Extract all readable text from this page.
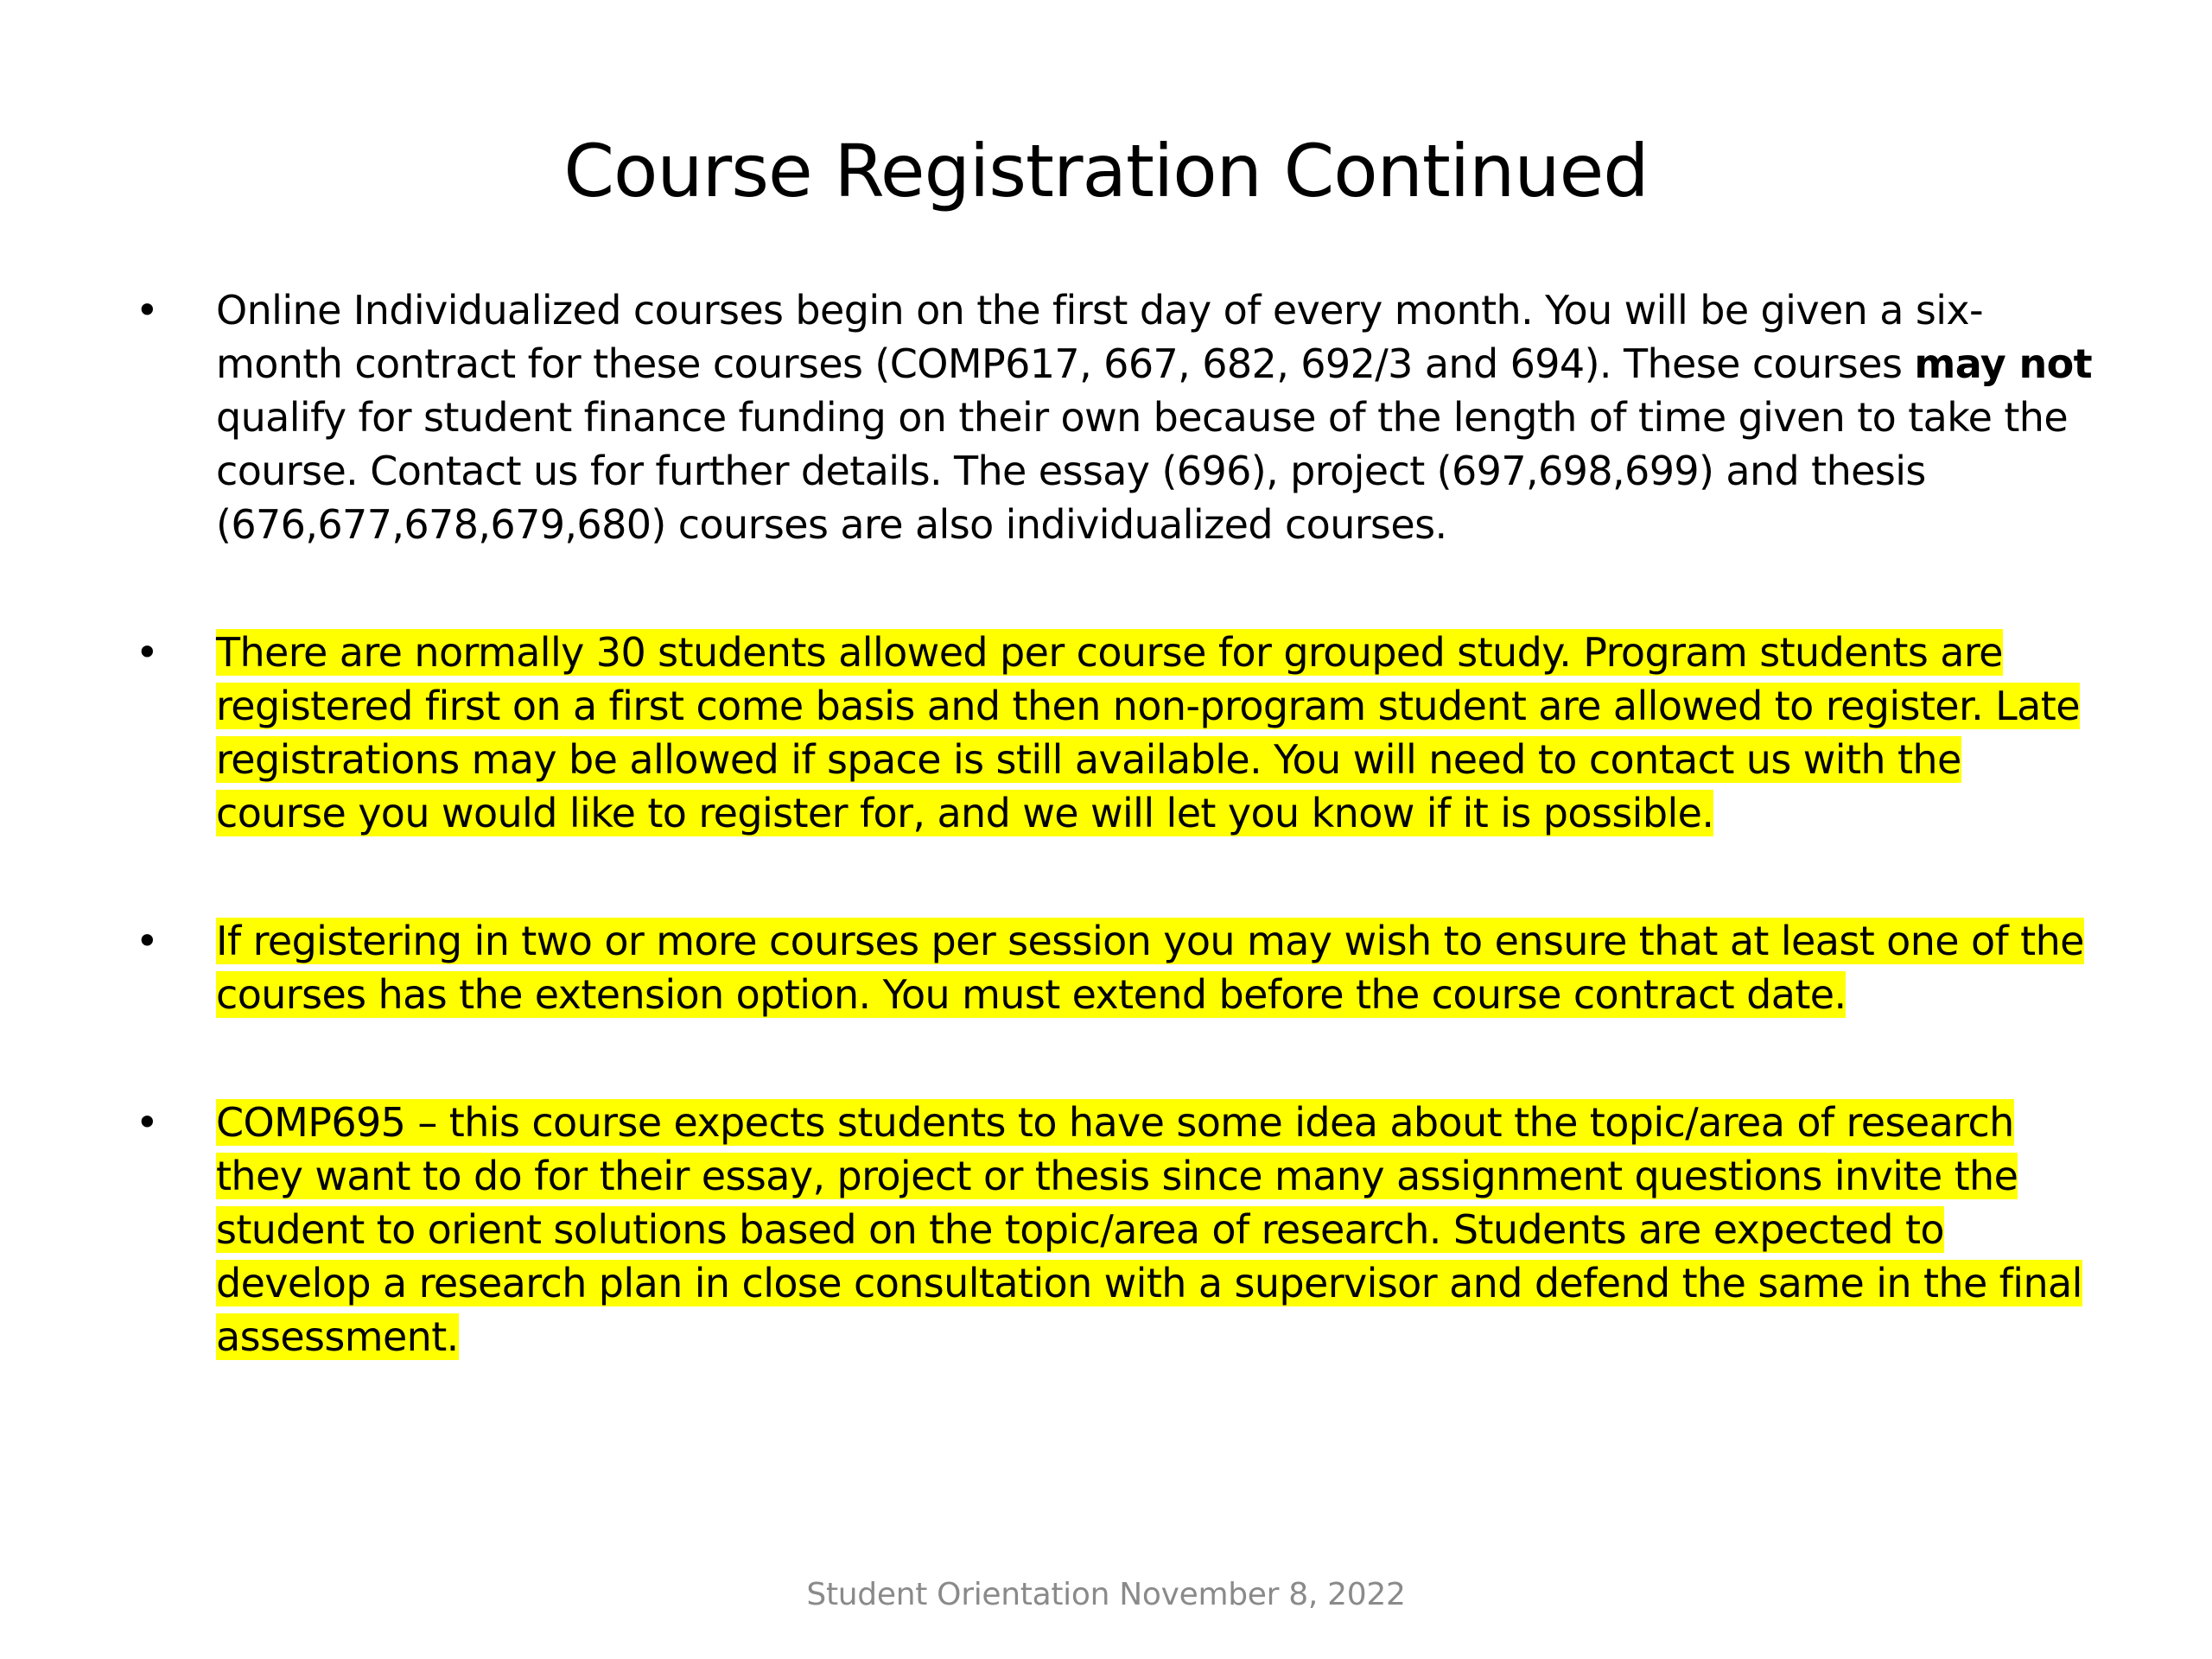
Course Registration Continued
• Online Individualized courses begin on the first day of every month. You will be given a six-month contract for these courses (COMP617, 667, 682, 692/3 and 694). These courses may not qualify for student finance funding on their own because of the length of time given to take the course. Contact us for further details. The essay (696), project (697,698,699) and thesis (676,677,678,679,680) courses are also individualized courses.
• There are normally 30 students allowed per course for grouped study. Program students are registered first on a first come basis and then non-program student are allowed to register. Late registrations may be allowed if space is still available. You will need to contact us with the course you would like to register for, and we will let you know if it is possible.
• If registering in two or more courses per session you may wish to ensure that at least one of the courses has the extension option. You must extend before the course contract date.
• COMP695 – this course expects students to have some idea about the topic/area of research they want to do for their essay, project or thesis since many assignment questions invite the student to orient solutions based on the topic/area of research. Students are expected to develop a research plan in close consultation with a supervisor and defend the same in the final assessment.
Student Orientation November 8, 2022
